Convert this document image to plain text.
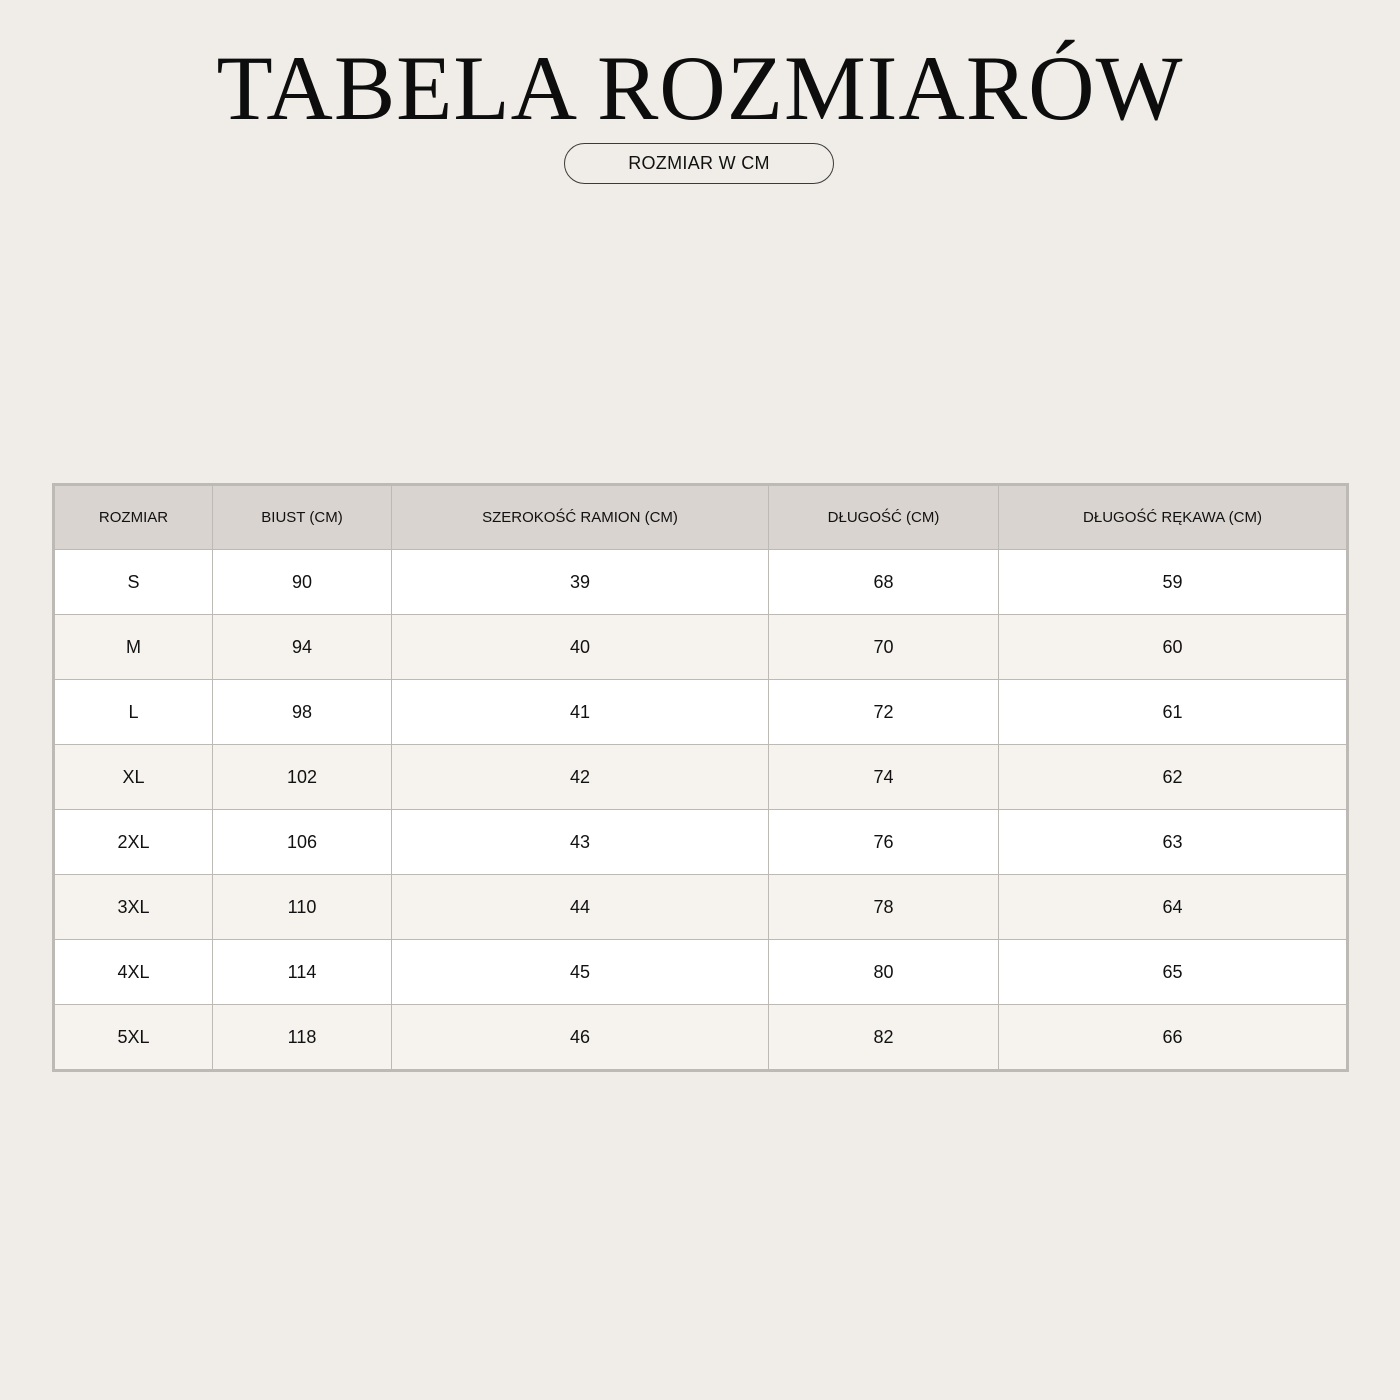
TABELA ROZMIARÓW
ROZMIAR W CM
ROZMIAR	BIUST (CM)	SZEROKOŚĆ RAMION (CM)	DŁUGOŚĆ (CM)	DŁUGOŚĆ RĘKAWA (CM)
S	90	39	68	59
M	94	40	70	60
L	98	41	72	61
XL	102	42	74	62
2XL	106	43	76	63
3XL	110	44	78	64
4XL	114	45	80	65
5XL	118	46	82	66
